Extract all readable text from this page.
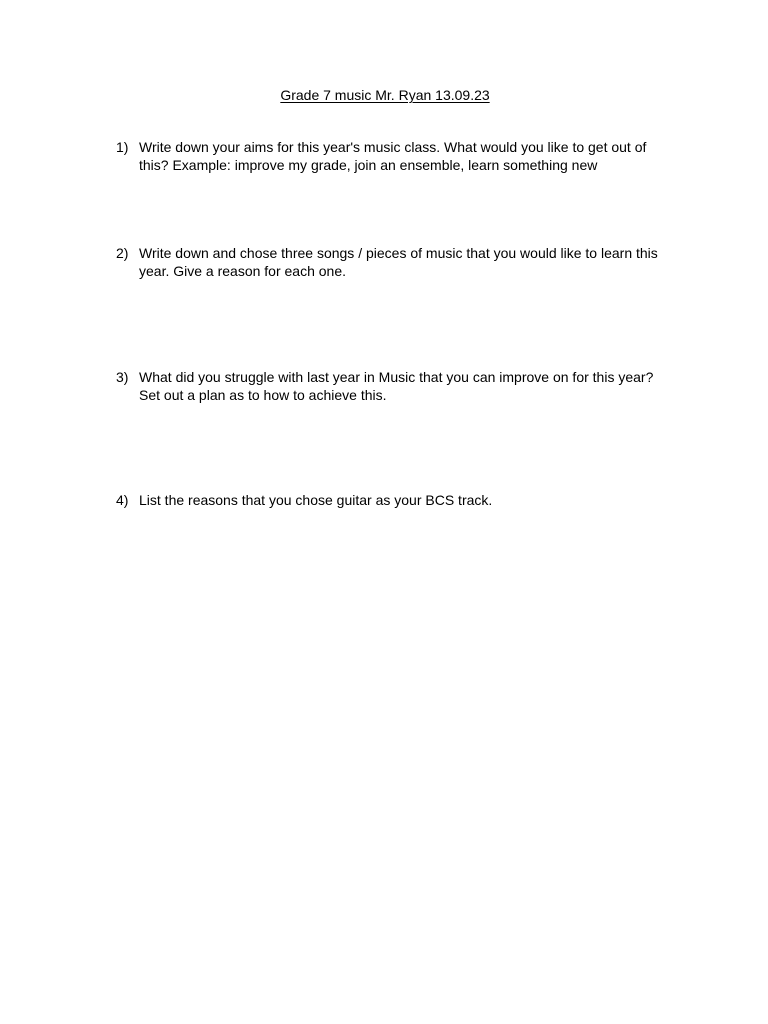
Grade 7 music Mr. Ryan 13.09.23
1) Write down your aims for this year's music class. What would you like to get out of this? Example: improve my grade, join an ensemble, learn something new
2) Write down and chose three songs / pieces of music that you would like to learn this year. Give a reason for each one.
3) What did you struggle with last year in Music that you can improve on for this year? Set out a plan as to how to achieve this.
4) List the reasons that you chose guitar as your BCS track.
